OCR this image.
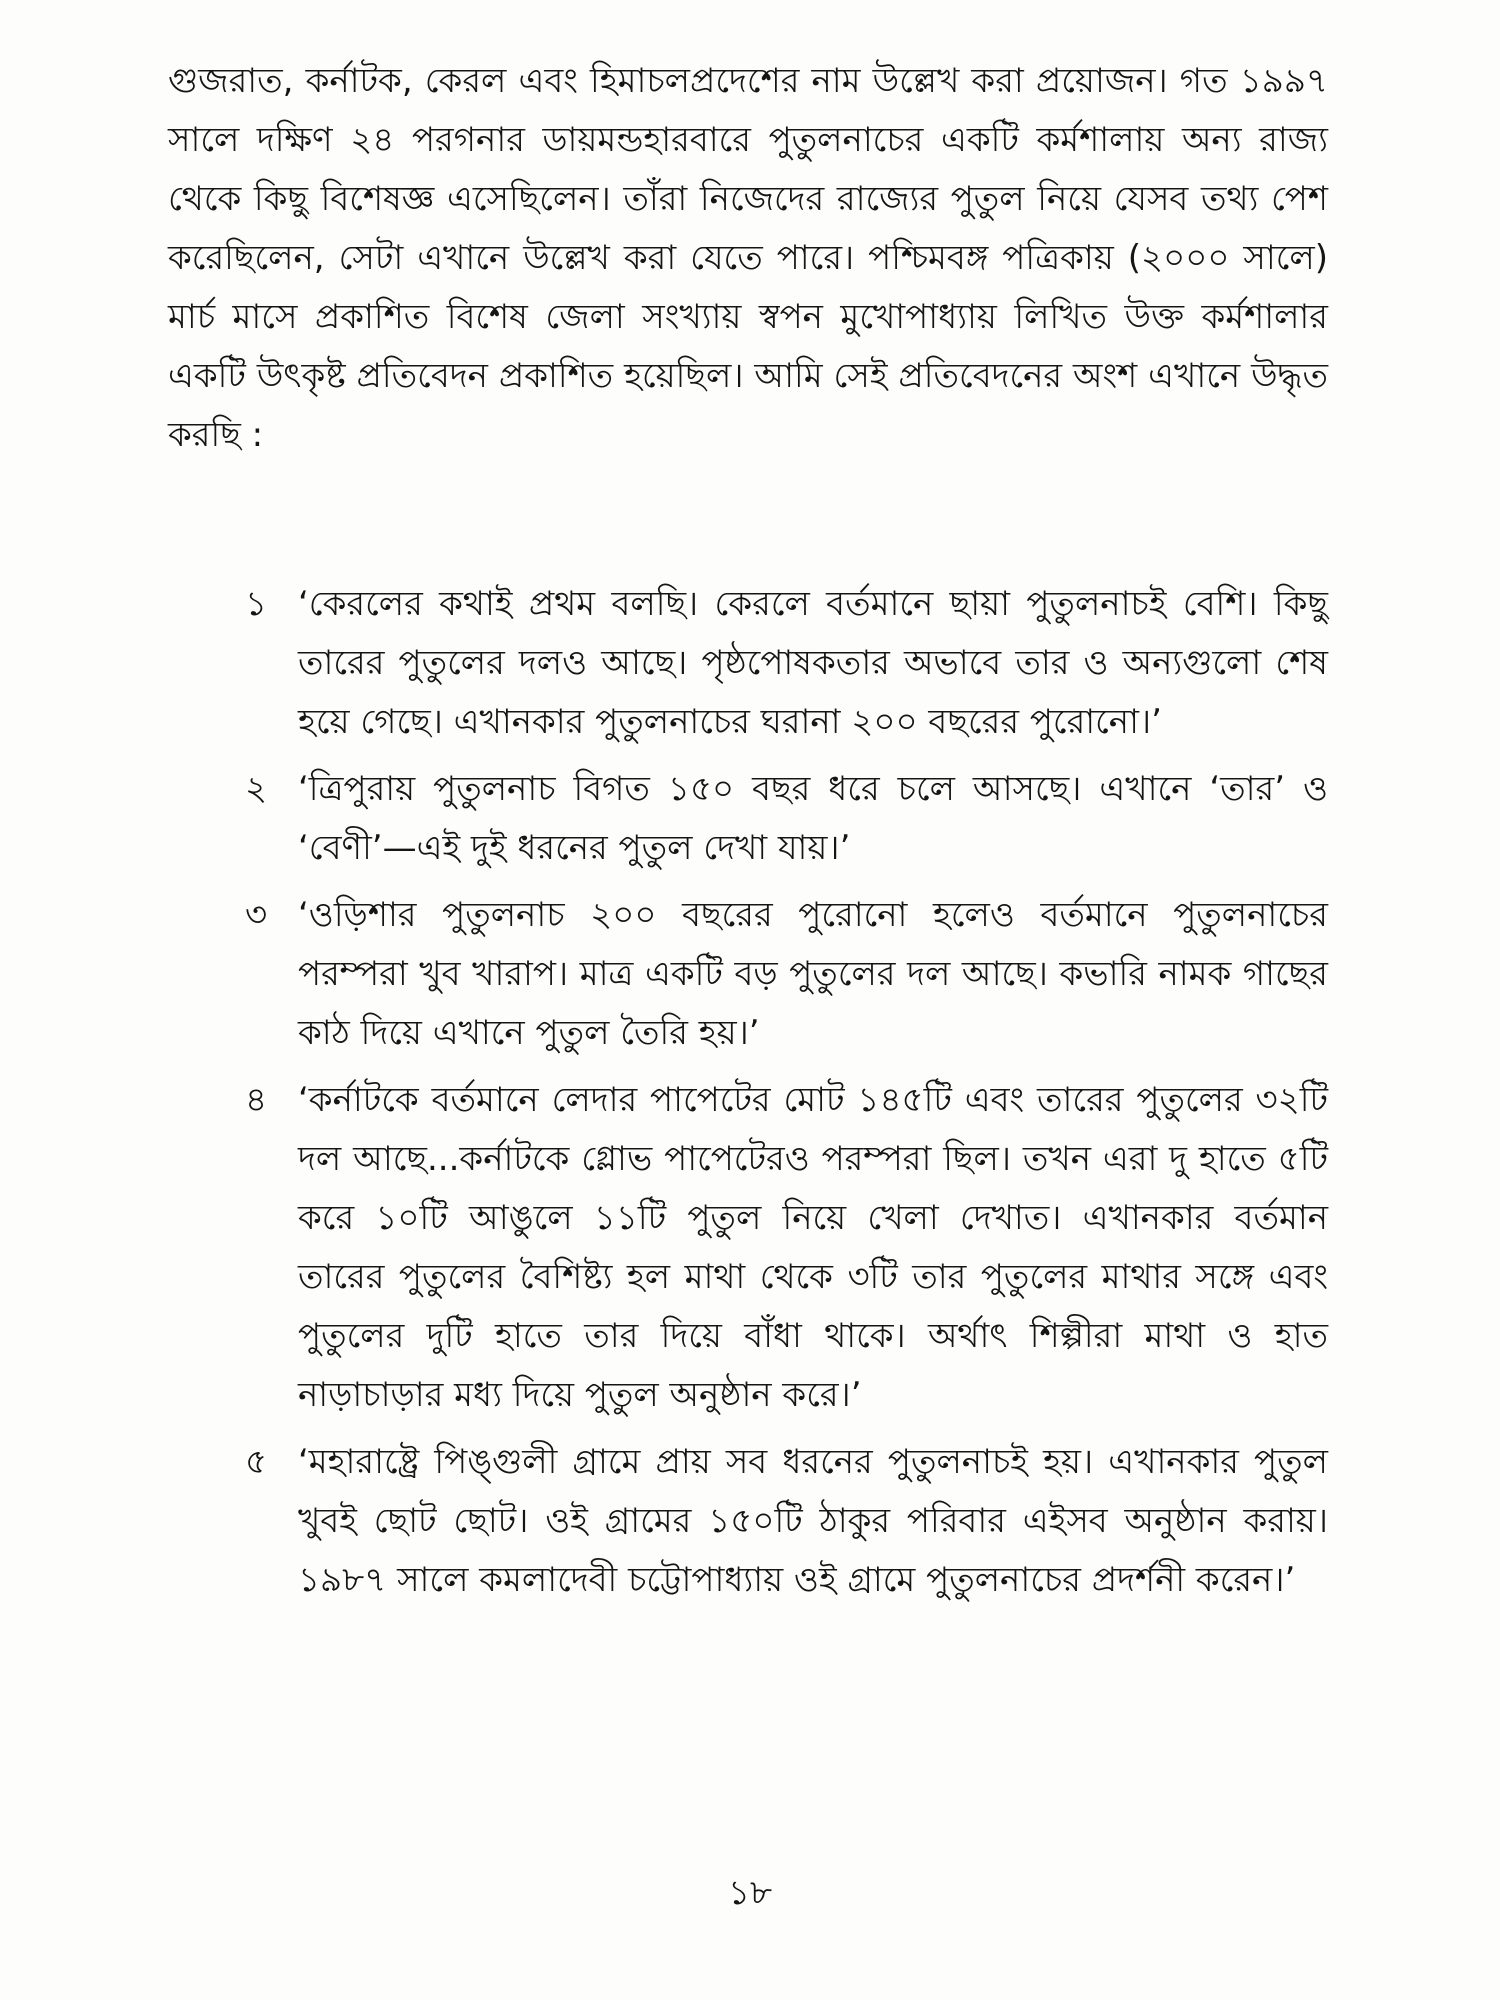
গুজরাত, কর্নাটক, কেরল এবং হিমাচলপ্রদেশের নাম উল্লেখ করা প্রয়োজন। গত ১৯৯৭ সালে দক্ষিণ ২৪ পরগনার ডায়মন্ডহারবারে পুতুলনাচের একটি কর্মশালায় অন্য রাজ্য থেকে কিছু বিশেষজ্ঞ এসেছিলেন। তাঁরা নিজেদের রাজ্যের পুতুল নিয়ে যেসব তথ্য পেশ করেছিলেন, সেটা এখানে উল্লেখ করা যেতে পারে। পশ্চিমবঙ্গ পত্রিকায় (২০০০ সালে) মার্চ মাসে প্রকাশিত বিশেষ জেলা সংখ্যায় স্বপন মুখোপাধ্যায় লিখিত উক্ত কর্মশালার একটি উৎকৃষ্ট প্রতিবেদন প্রকাশিত হয়েছিল। আমি সেই প্রতিবেদনের অংশ এখানে উদ্ধৃত করছি :

১ ‘কেরলের কথাই প্রথম বলছি। কেরলে বর্তমানে ছায়া পুতুলনাচই বেশি। কিছু তারের পুতুলের দলও আছে। পৃষ্ঠপোষকতার অভাবে তার ও অন্যগুলো শেষ হয়ে গেছে। এখানকার পুতুলনাচের ঘরানা ২০০ বছরের পুরোনো।’

২ ‘ত্রিপুরায় পুতুলনাচ বিগত ১৫০ বছর ধরে চলে আসছে। এখানে ‘তার’ ও ‘বেণী’—এই দুই ধরনের পুতুল দেখা যায়।’

৩ ‘ওড়িশার পুতুলনাচ ২০০ বছরের পুরোনো হলেও বর্তমানে পুতুলনাচের পরম্পরা খুব খারাপ। মাত্র একটি বড় পুতুলের দল আছে। কভারি নামক গাছের কাঠ দিয়ে এখানে পুতুল তৈরি হয়।’

৪ ‘কর্নাটকে বর্তমানে লেদার পাপেটের মোট ১৪৫টি এবং তারের পুতুলের ৩২টি দল আছে...কর্নাটকে গ্লোভ পাপেটেরও পরম্পরা ছিল। তখন এরা দু হাতে ৫টি করে ১০টি আঙুলে ১১টি পুতুল নিয়ে খেলা দেখাত। এখানকার বর্তমান তারের পুতুলের বৈশিষ্ট্য হল মাথা থেকে ৩টি তার পুতুলের মাথার সঙ্গে এবং পুতুলের দুটি হাতে তার দিয়ে বাঁধা থাকে। অর্থাৎ শিল্পীরা মাথা ও হাত নাড়াচাড়ার মধ্য দিয়ে পুতুল অনুষ্ঠান করে।’

৫ ‘মহারাষ্ট্রে পিঙ্গুলী গ্রামে প্রায় সব ধরনের পুতুলনাচই হয়। এখানকার পুতুল খুবই ছোট ছোট। ওই গ্রামের ১৫০টি ঠাকুর পরিবার এইসব অনুষ্ঠান করায়। ১৯৮৭ সালে কমলাদেবী চট্টোপাধ্যায় ওই গ্রামে পুতুলনাচের প্রদর্শনী করেন।’

১৮
